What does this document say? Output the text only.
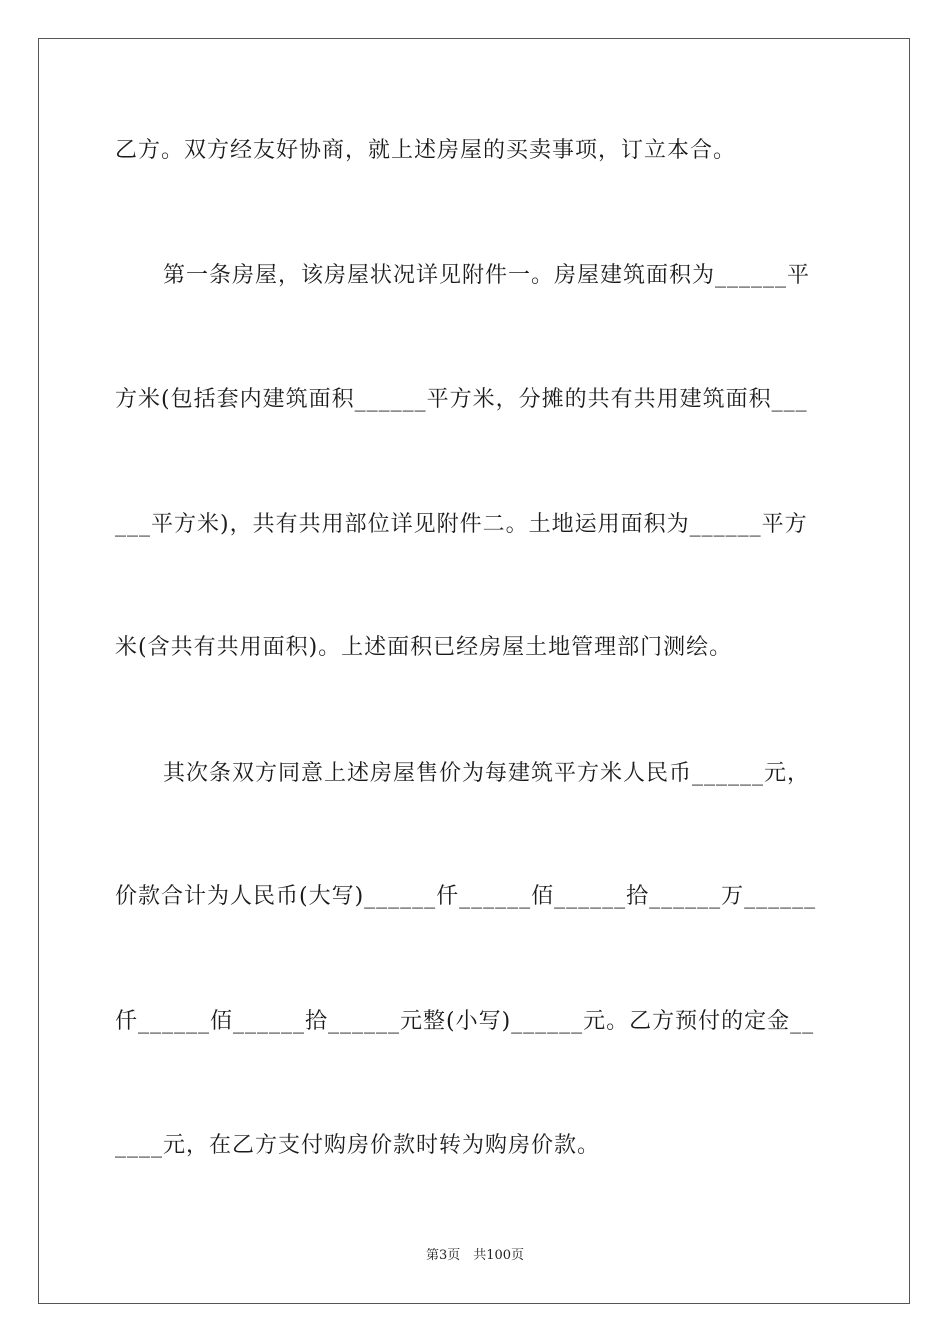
乙方。双方经友好协商，就上述房屋的买卖事项，订立本合。
第一条房屋，该房屋状况详见附件一。房屋建筑面积为______平
方米(包括套内建筑面积______平方米，分摊的共有共用建筑面积___
___平方米)，共有共用部位详见附件二。土地运用面积为______平方
米(含共有共用面积)。上述面积已经房屋土地管理部门测绘。
其次条双方同意上述房屋售价为每建筑平方米人民币______元，
价款合计为人民币(大写)______仟______佰______拾______万______
仟______佰______拾______元整(小写)______元。乙方预付的定金__
____元，在乙方支付购房价款时转为购房价款。
第3页　共100页
